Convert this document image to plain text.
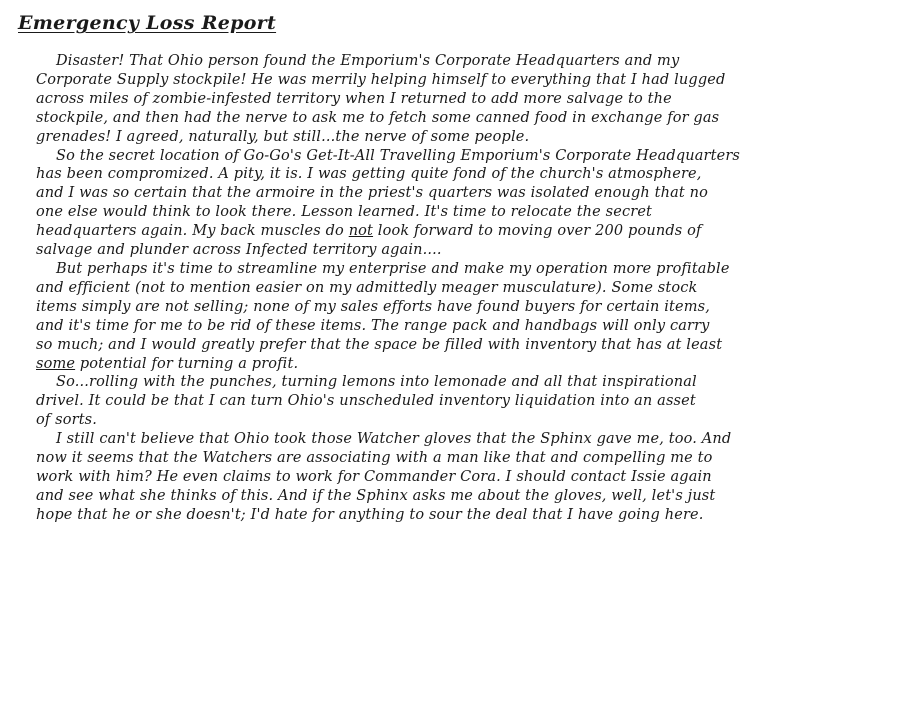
Emergency Loss Report
Disaster! That Ohio person found the Emporium's Corporate Headquarters and my
Corporate Supply stockpile! He was merrily helping himself to everything that I had lugged
across miles of zombie-infested territory when I returned to add more salvage to the
stockpile, and then had the nerve to ask me to fetch some canned food in exchange for gas
grenades! I agreed, naturally, but still...the nerve of some people.
So the secret location of Go-Go's Get-It-All Travelling Emporium's Corporate Headquarters
has been compromized. A pity, it is. I was getting quite fond of the church's atmosphere,
and I was so certain that the armoire in the priest's quarters was isolated enough that no
one else would think to look there. Lesson learned. It's time to relocate the secret
headquarters again. My back muscles do not look forward to moving over 200 pounds of
salvage and plunder across Infected territory again....
But perhaps it's time to streamline my enterprise and make my operation more profitable
and efficient (not to mention easier on my admittedly meager musculature). Some stock
items simply are not selling; none of my sales efforts have found buyers for certain items,
and it's time for me to be rid of these items. The range pack and handbags will only carry
so much; and I would greatly prefer that the space be filled with inventory that has at least
some potential for turning a profit.
So...rolling with the punches, turning lemons into lemonade and all that inspirational
drivel. It could be that I can turn Ohio's unscheduled inventory liquidation into an asset
of sorts.
I still can't believe that Ohio took those Watcher gloves that the Sphinx gave me, too. And
now it seems that the Watchers are associating with a man like that and compelling me to
work with him? He even claims to work for Commander Cora. I should contact Issie again
and see what she thinks of this. And if the Sphinx asks me about the gloves, well, let's just
hope that he or she doesn't; I'd hate for anything to sour the deal that I have going here.
